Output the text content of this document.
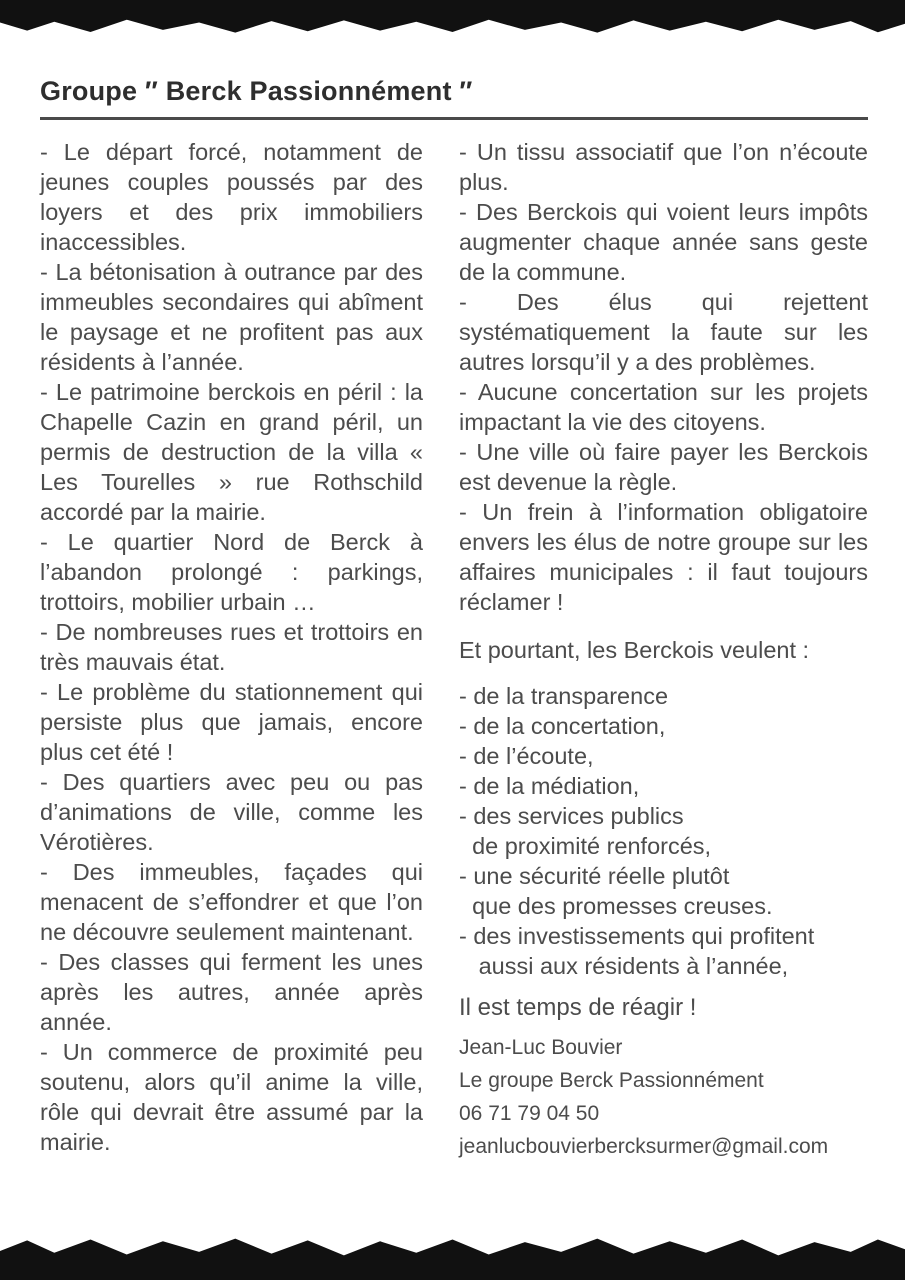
Groupe ″ Berck Passionnément ″

- Le départ forcé, notamment de jeunes couples poussés par des loyers et des prix immobiliers inaccessibles.

- La bétonisation à outrance par des immeubles secondaires qui abîment le paysage et ne profitent pas aux résidents à l’année.

- Le patrimoine berckois en péril : la Chapelle Cazin en grand péril, un permis de destruction de la villa « Les Tourelles » rue Rothschild accordé par la mairie.

- Le quartier Nord de Berck à l’abandon prolongé : parkings, trottoirs, mobilier urbain …

- De nombreuses rues et trottoirs en très mauvais état.

- Le problème du stationnement qui persiste plus que jamais, encore plus cet été !

- Des quartiers avec peu ou pas d’animations de ville, comme les Vérotières.

- Des immeubles, façades qui menacent de s’effondrer et que l’on ne découvre seulement maintenant.

- Des classes qui ferment les unes après les autres, année après année.

- Un commerce de proximité peu soutenu, alors qu’il anime la ville, rôle qui devrait être assumé par la mairie.

- Un tissu associatif que l’on n’écoute plus.

- Des Berckois qui voient leurs impôts augmenter chaque année sans geste de la commune.

- Des élus qui rejettent systématiquement la faute sur les autres lorsqu’il y a des problèmes.

- Aucune concertation sur les projets impactant la vie des citoyens.

- Une ville où faire payer les Berckois est devenue la règle.

- Un frein à l’information obligatoire envers les élus de notre groupe sur les affaires municipales : il faut toujours réclamer !

Et pourtant, les Berckois veulent :

- de la transparence

- de la concertation,

- de l’écoute,

- de la médiation,

- des services publics

de proximité renforcés,

- une sécurité réelle plutôt

que des promesses creuses.

- des investissements qui profitent

aussi aux résidents à l’année,

Il est temps de réagir !

Jean-Luc Bouvier

Le groupe Berck Passionnément

06 71 79 04 50

jeanlucbouvierbercksurmer@gmail.com
